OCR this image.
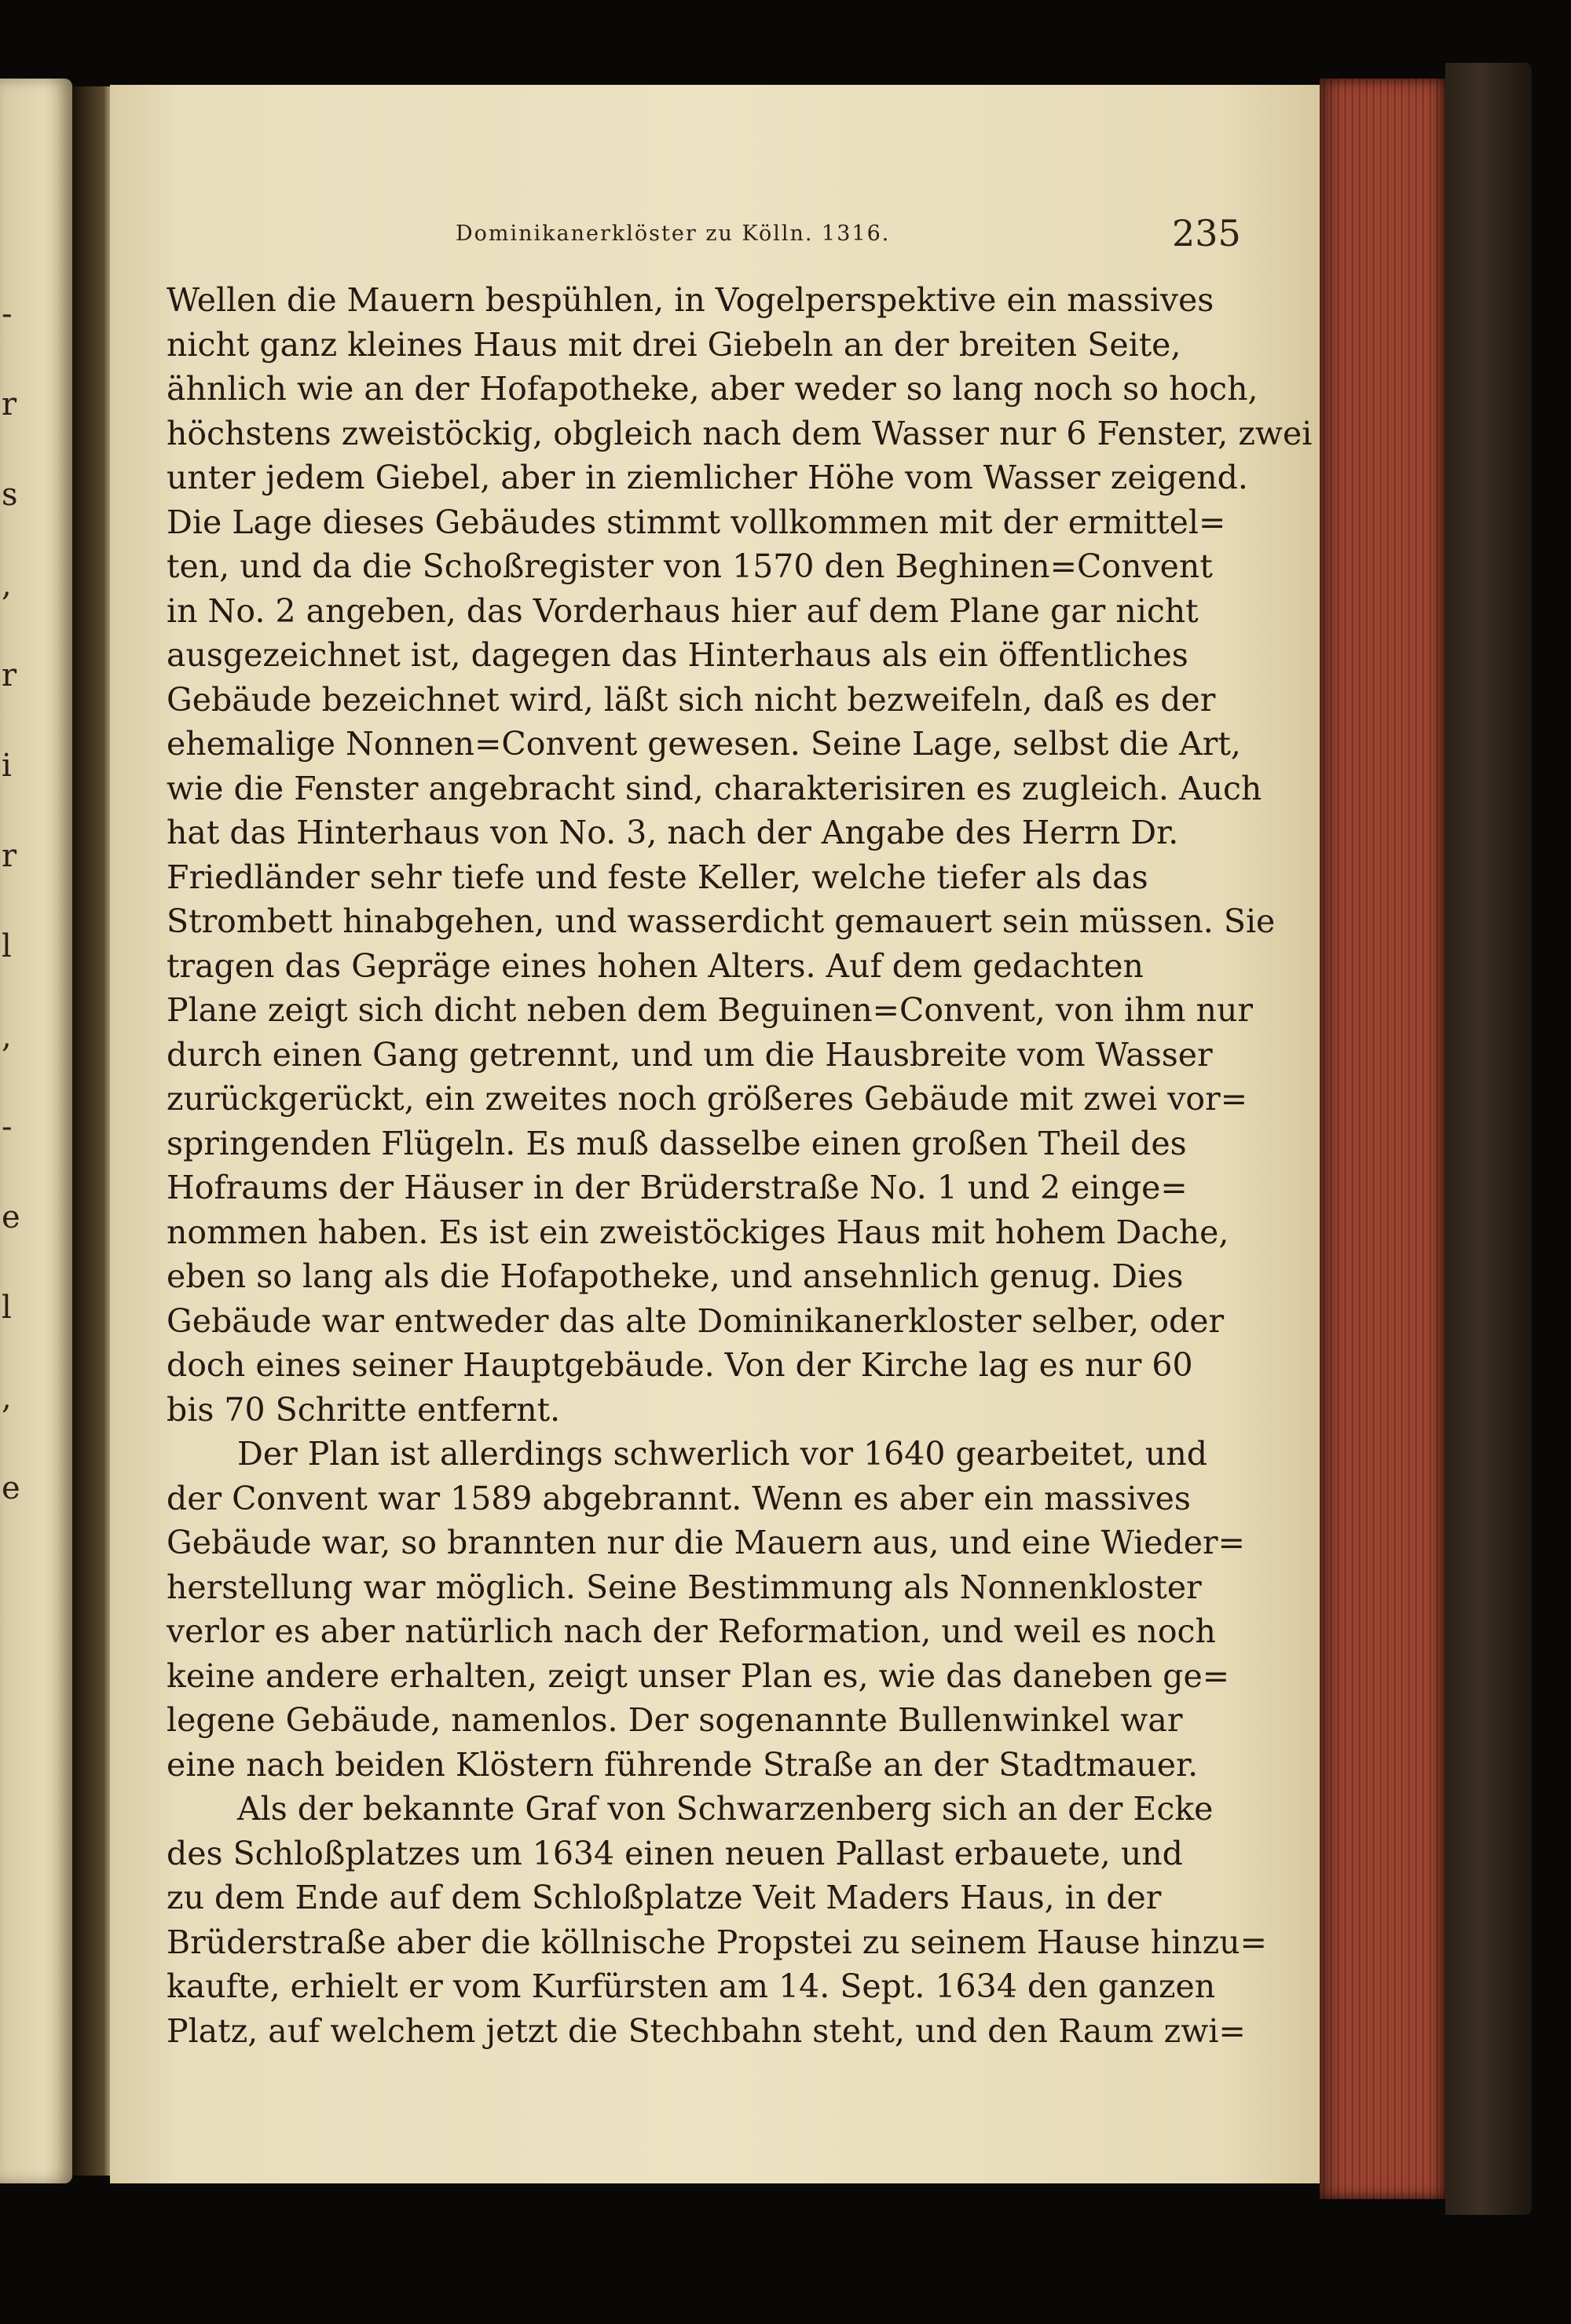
-
r
s
,
r
i
r
l
,
-
e
l
,
e
Dominikanerklöster zu Kölln. 1316.	235
Wellen die Mauern bespühlen, in Vogelperspektive ein massives
nicht ganz kleines Haus mit drei Giebeln an der breiten Seite,
ähnlich wie an der Hofapotheke, aber weder so lang noch so hoch,
höchstens zweistöckig, obgleich nach dem Wasser nur 6 Fenster, zwei
unter jedem Giebel, aber in ziemlicher Höhe vom Wasser zeigend.
Die Lage dieses Gebäudes stimmt vollkommen mit der ermittel=
ten, und da die Schoßregister von 1570 den Beghinen=Convent
in No. 2 angeben, das Vorderhaus hier auf dem Plane gar nicht
ausgezeichnet ist, dagegen das Hinterhaus als ein öffentliches
Gebäude bezeichnet wird, läßt sich nicht bezweifeln, daß es der
ehemalige Nonnen=Convent gewesen. Seine Lage, selbst die Art,
wie die Fenster angebracht sind, charakterisiren es zugleich. Auch
hat das Hinterhaus von No. 3, nach der Angabe des Herrn Dr.
Friedländer sehr tiefe und feste Keller, welche tiefer als das
Strombett hinabgehen, und wasserdicht gemauert sein müssen. Sie
tragen das Gepräge eines hohen Alters. Auf dem gedachten
Plane zeigt sich dicht neben dem Beguinen=Convent, von ihm nur
durch einen Gang getrennt, und um die Hausbreite vom Wasser
zurückgerückt, ein zweites noch größeres Gebäude mit zwei vor=
springenden Flügeln. Es muß dasselbe einen großen Theil des
Hofraums der Häuser in der Brüderstraße No. 1 und 2 einge=
nommen haben. Es ist ein zweistöckiges Haus mit hohem Dache,
eben so lang als die Hofapotheke, und ansehnlich genug. Dies
Gebäude war entweder das alte Dominikanerkloster selber, oder
doch eines seiner Hauptgebäude. Von der Kirche lag es nur 60
bis 70 Schritte entfernt.
Der Plan ist allerdings schwerlich vor 1640 gearbeitet, und
der Convent war 1589 abgebrannt. Wenn es aber ein massives
Gebäude war, so brannten nur die Mauern aus, und eine Wieder=
herstellung war möglich. Seine Bestimmung als Nonnenkloster
verlor es aber natürlich nach der Reformation, und weil es noch
keine andere erhalten, zeigt unser Plan es, wie das daneben ge=
legene Gebäude, namenlos. Der sogenannte Bullenwinkel war
eine nach beiden Klöstern führende Straße an der Stadtmauer.
Als der bekannte Graf von Schwarzenberg sich an der Ecke
des Schloßplatzes um 1634 einen neuen Pallast erbauete, und
zu dem Ende auf dem Schloßplatze Veit Maders Haus, in der
Brüderstraße aber die köllnische Propstei zu seinem Hause hinzu=
kaufte, erhielt er vom Kurfürsten am 14. Sept. 1634 den ganzen
Platz, auf welchem jetzt die Stechbahn steht, und den Raum zwi=
